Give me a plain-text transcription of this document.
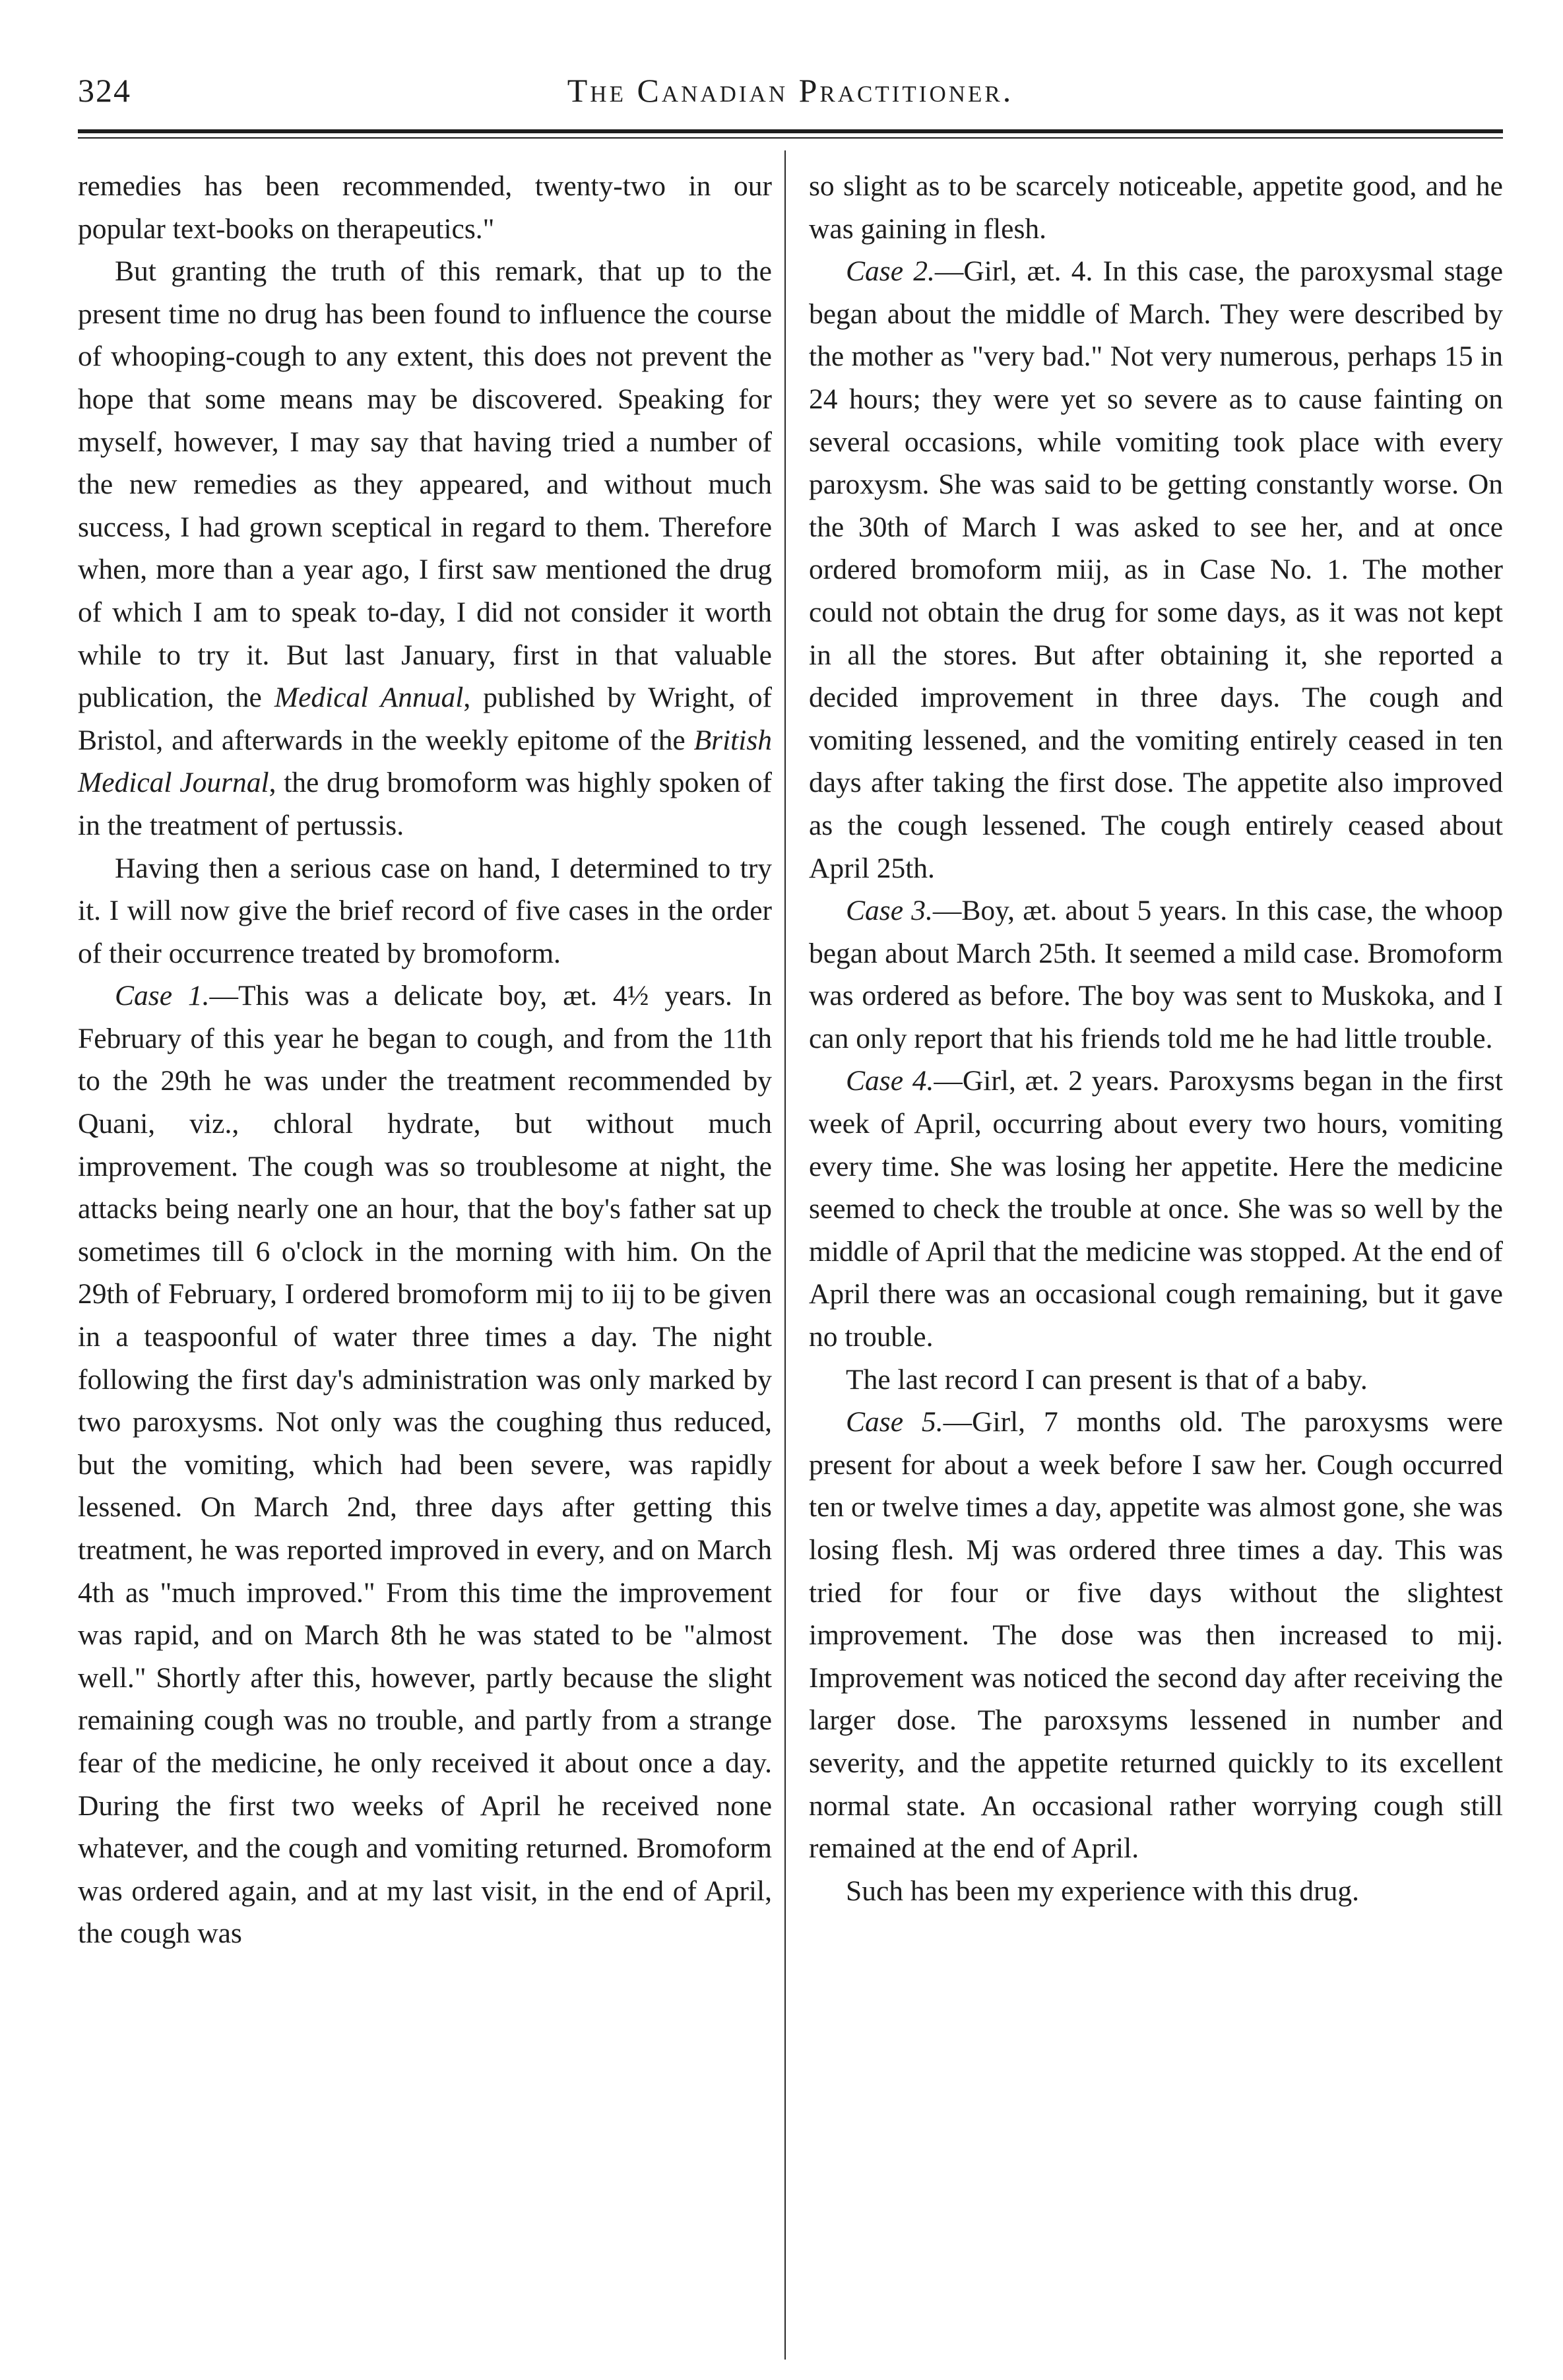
324	The Canadian Practitioner.

remedies has been recommended, twenty-two in our popular text-books on therapeutics."

But granting the truth of this remark, that up to the present time no drug has been found to influence the course of whooping-cough to any extent, this does not prevent the hope that some means may be discovered. Speaking for myself, however, I may say that having tried a number of the new remedies as they appeared, and without much success, I had grown sceptical in regard to them. Therefore when, more than a year ago, I first saw mentioned the drug of which I am to speak to-day, I did not consider it worth while to try it. But last January, first in that valuable publication, the Medical Annual, published by Wright, of Bristol, and afterwards in the weekly epitome of the British Medical Journal, the drug bromoform was highly spoken of in the treatment of pertussis.

Having then a serious case on hand, I determined to try it. I will now give the brief record of five cases in the order of their occurrence treated by bromoform.

Case 1.—This was a delicate boy, æt. 4½ years. In February of this year he began to cough, and from the 11th to the 29th he was under the treatment recommended by Quani, viz., chloral hydrate, but without much improvement. The cough was so troublesome at night, the attacks being nearly one an hour, that the boy's father sat up sometimes till 6 o'clock in the morning with him. On the 29th of February, I ordered bromoform mij to iij to be given in a teaspoonful of water three times a day. The night following the first day's administration was only marked by two paroxysms. Not only was the coughing thus reduced, but the vomiting, which had been severe, was rapidly lessened. On March 2nd, three days after getting this treatment, he was reported improved in every, and on March 4th as "much improved." From this time the improvement was rapid, and on March 8th he was stated to be "almost well." Shortly after this, however, partly because the slight remaining cough was no trouble, and partly from a strange fear of the medicine, he only received it about once a day. During the first two weeks of April he received none whatever, and the cough and vomiting returned. Bromoform was ordered again, and at my last visit, in the end of April, the cough was

so slight as to be scarcely noticeable, appetite good, and he was gaining in flesh.

Case 2.—Girl, æt. 4. In this case, the paroxysmal stage began about the middle of March. They were described by the mother as "very bad." Not very numerous, perhaps 15 in 24 hours; they were yet so severe as to cause fainting on several occasions, while vomiting took place with every paroxysm. She was said to be getting constantly worse. On the 30th of March I was asked to see her, and at once ordered bromoform miij, as in Case No. 1. The mother could not obtain the drug for some days, as it was not kept in all the stores. But after obtaining it, she reported a decided improvement in three days. The cough and vomiting lessened, and the vomiting entirely ceased in ten days after taking the first dose. The appetite also improved as the cough lessened. The cough entirely ceased about April 25th.

Case 3.—Boy, æt. about 5 years. In this case, the whoop began about March 25th. It seemed a mild case. Bromoform was ordered as before. The boy was sent to Muskoka, and I can only report that his friends told me he had little trouble.

Case 4.—Girl, æt. 2 years. Paroxysms began in the first week of April, occurring about every two hours, vomiting every time. She was losing her appetite. Here the medicine seemed to check the trouble at once. She was so well by the middle of April that the medicine was stopped. At the end of April there was an occasional cough remaining, but it gave no trouble.

The last record I can present is that of a baby.

Case 5.—Girl, 7 months old. The paroxysms were present for about a week before I saw her. Cough occurred ten or twelve times a day, appetite was almost gone, she was losing flesh. Mj was ordered three times a day. This was tried for four or five days without the slightest improvement. The dose was then increased to mij. Improvement was noticed the second day after receiving the larger dose. The paroxsyms lessened in number and severity, and the appetite returned quickly to its excellent normal state. An occasional rather worrying cough still remained at the end of April.

Such has been my experience with this drug.
